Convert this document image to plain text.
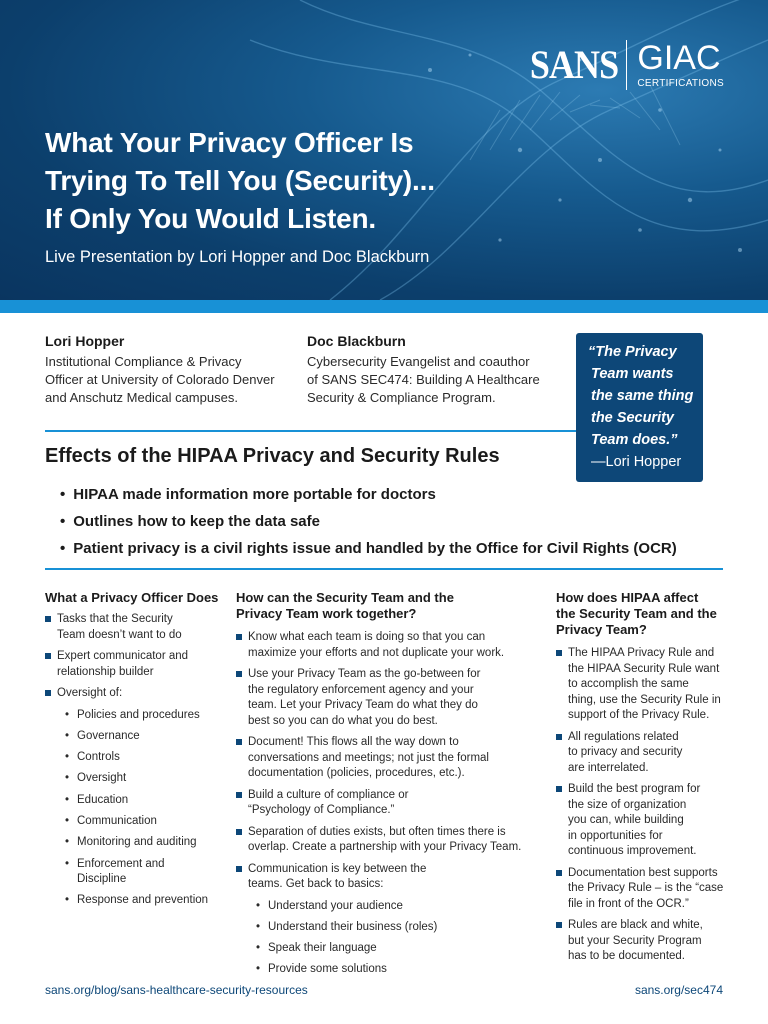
SANS GIAC
CERTIFICATIONS
What Your Privacy Officer Is
Trying To Tell You (Security)...
If Only You Would Listen.
Live Presentation by Lori Hopper and Doc Blackburn
Lori Hopper
Institutional Compliance & Privacy
Officer at University of Colorado Denver
and Anschutz Medical campuses.
Doc Blackburn
Cybersecurity Evangelist and coauthor
of SANS SEC474: Building A Healthcare
Security & Compliance Program.
“The Privacy
Team wants
the same thing
the Security
Team does.”
—Lori Hopper
Effects of the HIPAA Privacy and Security Rules
• HIPAA made information more portable for doctors
• Outlines how to keep the data safe
• Patient privacy is a civil rights issue and handled by the Office for Civil Rights (OCR)
What a Privacy Officer Does
Tasks that the Security
Team doesn’t want to do
Expert communicator and
relationship builder
Oversight of:
• Policies and procedures
• Governance
• Controls
• Oversight
• Education
• Communication
• Monitoring and auditing
• Enforcement and
Discipline
• Response and prevention
How can the Security Team and the
Privacy Team work together?
Know what each team is doing so that you can
maximize your efforts and not duplicate your work.
Use your Privacy Team as the go-between for
the regulatory enforcement agency and your
team. Let your Privacy Team do what they do
best so you can do what you do best.
Document! This flows all the way down to
conversations and meetings; not just the formal
documentation (policies, procedures, etc.).
Build a culture of compliance or
“Psychology of Compliance.”
Separation of duties exists, but often times there is
overlap. Create a partnership with your Privacy Team.
Communication is key between the
teams. Get back to basics:
• Understand your audience
• Understand their business (roles)
• Speak their language
• Provide some solutions
How does HIPAA affect
the Security Team and the
Privacy Team?
The HIPAA Privacy Rule and
the HIPAA Security Rule want
to accomplish the same
thing, use the Security Rule in
support of the Privacy Rule.
All regulations related
to privacy and security
are interrelated.
Build the best program for
the size of organization
you can, while building
in opportunities for
continuous improvement.
Documentation best supports
the Privacy Rule – is the “case
file in front of the OCR.”
Rules are black and white,
but your Security Program
has to be documented.
sans.org/blog/sans-healthcare-security-resources	sans.org/sec474
